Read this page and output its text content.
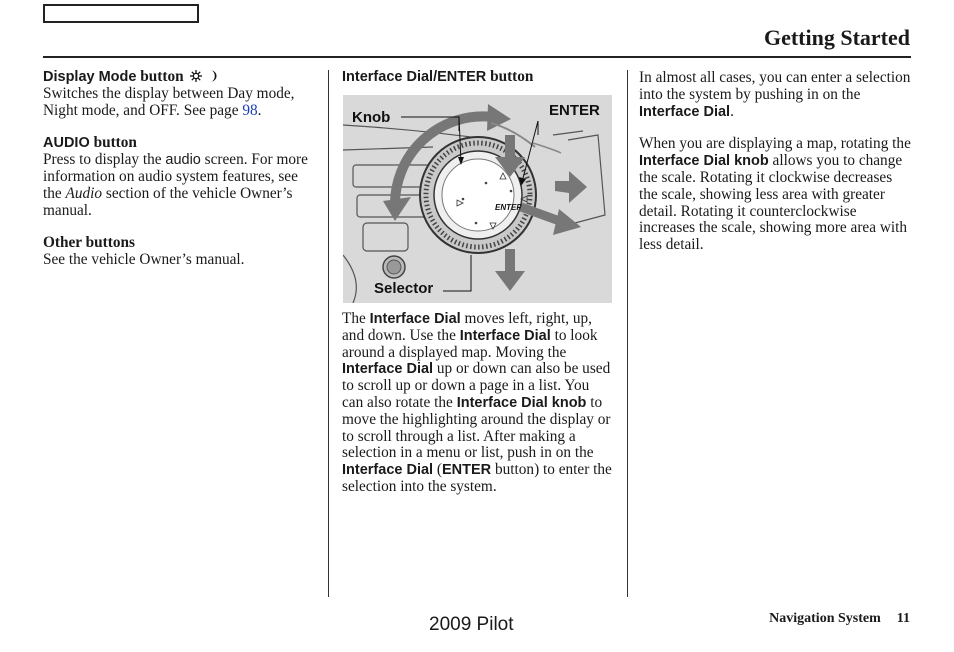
Getting Started

Display Mode button

Switches the display between Day mode, Night mode, and OFF. See page 98.

AUDIO button

Press to display the audio screen. For more information on audio system features, see the Audio section of the vehicle Owner’s manual.

Other buttons

See the vehicle Owner’s manual.

Interface Dial/ENTER button

ENTER
Knob	ENTER
Selector

The Interface Dial moves left, right, up, and down. Use the Interface Dial to look around a displayed map. Moving the Interface Dial up or down can also be used to scroll up or down a page in a list. You can also rotate the Interface Dial knob to move the highlighting around the display or to scroll through a list. After making a selection in a menu or list, push in on the Interface Dial (ENTER button) to enter the selection into the system.

In almost all cases, you can enter a selection into the system by pushing in on the Interface Dial.

When you are displaying a map, rotating the Interface Dial knob allows you to change the scale. Rotating it clockwise decreases the scale, showing less area with greater detail. Rotating it counterclockwise increases the scale, showing more area with less detail.

2009 Pilot	Navigation System 11
